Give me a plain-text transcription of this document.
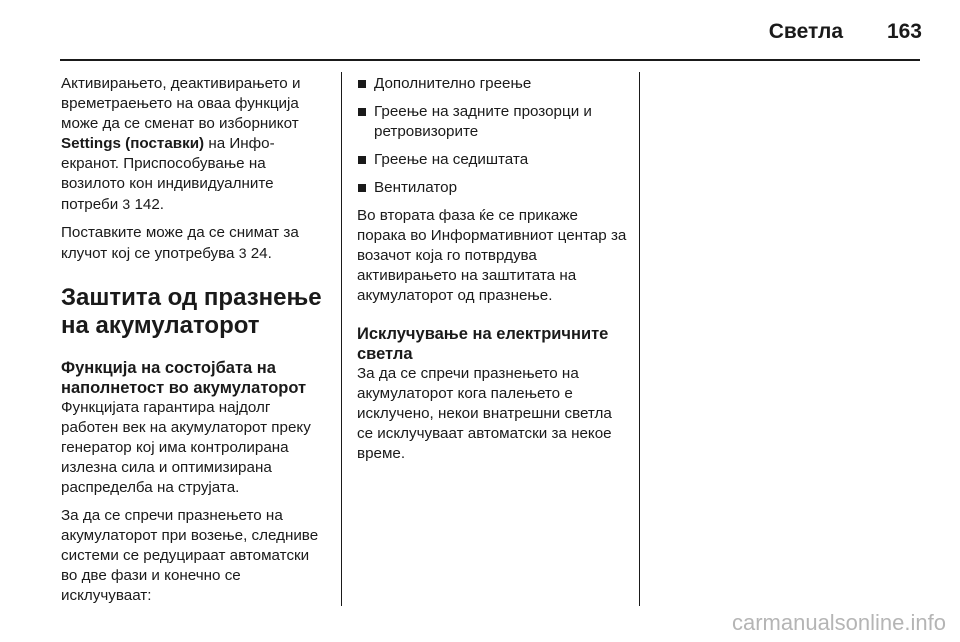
Светла 163

Активирањето, деактивирањето и времетраењето на оваа функција може да се сменат во изборникот Settings (поставки) на Инфо-екранот. Приспособување на возилото кон индивидуалните потреби 3 142.

Поставките може да се снимат за клучот кој се употребува 3 24.

Заштита од празнење на акумулаторот
Функција на состојбата на наполнетост во акумулаторот

Функцијата гарантира најдолг работен век на акумулаторот преку генератор кој има контролирана излезна сила и оптимизирана распределба на струјата.

За да се спречи празнењето на акумулаторот при возење, следниве системи се редуцираат автоматски во две фази и конечно се исклучуваат:

Дополнително греење
Греење на задните прозорци и ретровизорите
Греење на седиштата
Вентилатор

Во втората фаза ќе се прикаже порака во Информативниот центар за возачот која го потврдува активирањето на заштитата на акумулаторот од празнење.

Исклучување на електричните светла

За да се спречи празнењето на акумулаторот кога палењето е исклучено, некои внатрешни светла се исклучуваат автоматски за некое време.

carmanualsonline.info
